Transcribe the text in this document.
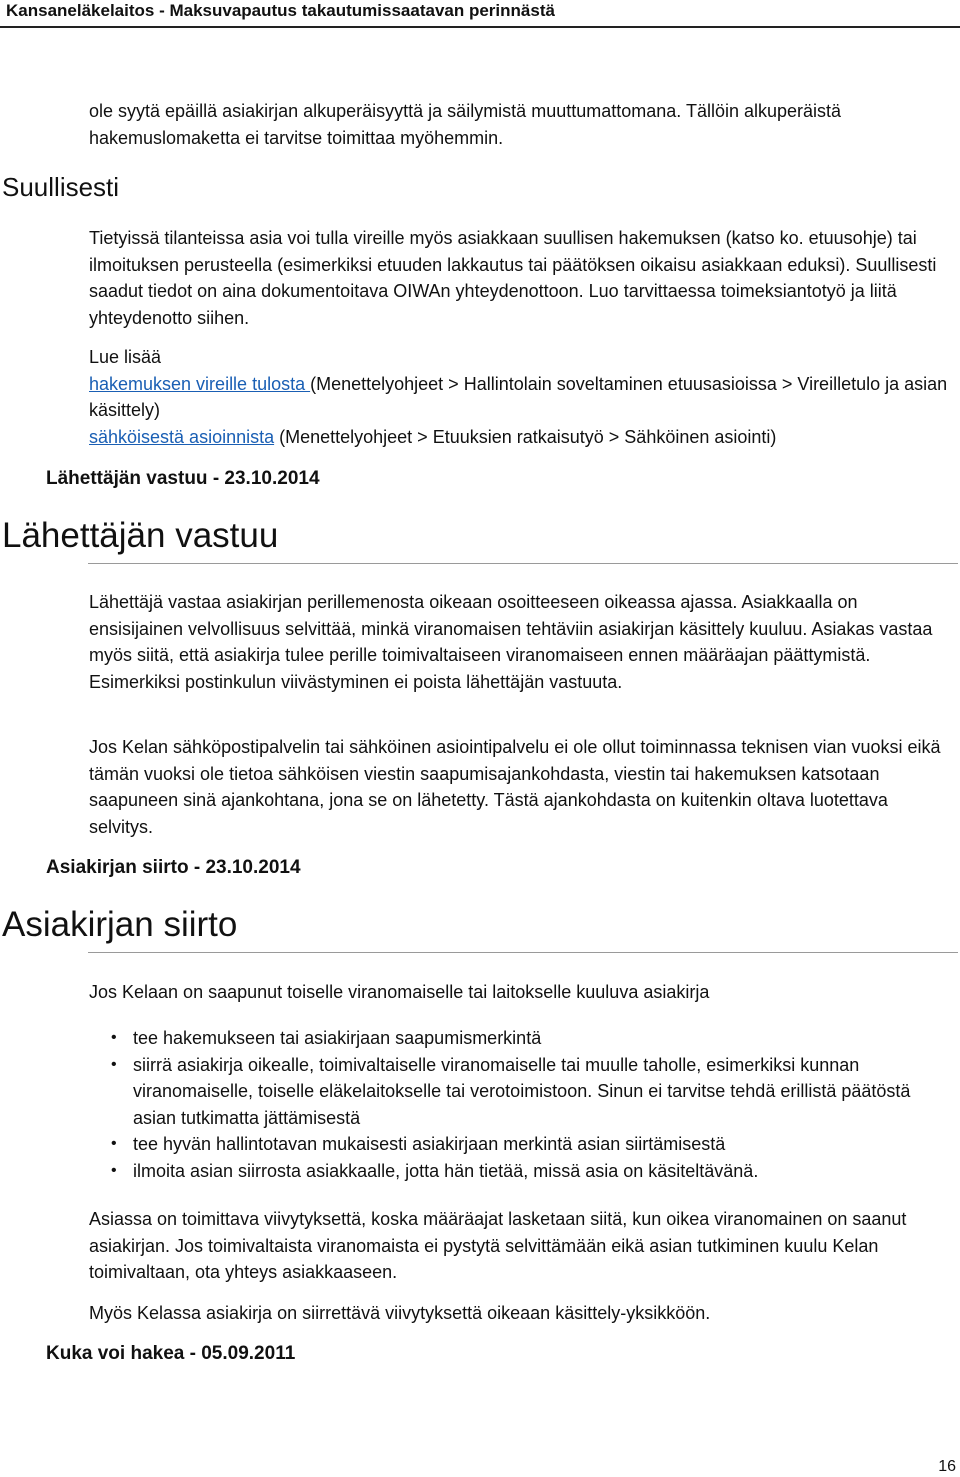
Kansaneläkelaitos - Maksuvapautus takautumissaatavan perinnästä

ole syytä epäillä asiakirjan alkuperäisyyttä ja säilymistä muuttumattomana. Tällöin alkuperäistä hakemuslomaketta ei tarvitse toimittaa myöhemmin.

Suullisesti

Tietyissä tilanteissa asia voi tulla vireille myös asiakkaan suullisen hakemuksen (katso ko. etuusohje) tai ilmoituksen perusteella (esimerkiksi etuuden lakkautus tai päätöksen oikaisu asiakkaan eduksi). Suullisesti saadut tiedot on aina dokumentoitava OIWAn yhteydenottoon. Luo tarvittaessa toimeksiantotyö ja liitä yhteydenotto siihen.

Lue lisää

hakemuksen vireille tulosta (Menettelyohjeet > Hallintolain soveltaminen etuusasioissa > Vireilletulo ja asian käsittely)

sähköisestä asioinnista (Menettelyohjeet > Etuuksien ratkaisutyö > Sähköinen asiointi)

Lähettäjän vastuu - 23.10.2014
Lähettäjän vastuu

Lähettäjä vastaa asiakirjan perillemenosta oikeaan osoitteeseen oikeassa ajassa. Asiakkaalla on ensisijainen velvollisuus selvittää, minkä viranomaisen tehtäviin asiakirjan käsittely kuuluu. Asiakas vastaa myös siitä, että asiakirja tulee perille toimivaltaiseen viranomaiseen ennen määräajan päättymistä. Esimerkiksi postinkulun viivästyminen ei poista lähettäjän vastuuta.

Jos Kelan sähköpostipalvelin tai sähköinen asiointipalvelu ei ole ollut toiminnassa teknisen vian vuoksi eikä tämän vuoksi ole tietoa sähköisen viestin saapumisajankohdasta, viestin tai hakemuksen katsotaan saapuneen sinä ajankohtana, jona se on lähetetty. Tästä ajankohdasta on kuitenkin oltava luotettava selvitys.

Asiakirjan siirto - 23.10.2014
Asiakirjan siirto

Jos Kelaan on saapunut toiselle viranomaiselle tai laitokselle kuuluva asiakirja

• tee hakemukseen tai asiakirjaan saapumismerkintä
• siirrä asiakirja oikealle, toimivaltaiselle viranomaiselle tai muulle taholle, esimerkiksi kunnan viranomaiselle, toiselle eläkelaitokselle tai verotoimistoon. Sinun ei tarvitse tehdä erillistä päätöstä asian tutkimatta jättämisestä
• tee hyvän hallintotavan mukaisesti asiakirjaan merkintä asian siirtämisestä
• ilmoita asian siirrosta asiakkaalle, jotta hän tietää, missä asia on käsiteltävänä.

Asiassa on toimittava viivytyksettä, koska määräajat lasketaan siitä, kun oikea viranomainen on saanut asiakirjan. Jos toimivaltaista viranomaista ei pystytä selvittämään eikä asian tutkiminen kuulu Kelan toimivaltaan, ota yhteys asiakkaaseen.

Myös Kelassa asiakirja on siirrettävä viivytyksettä oikeaan käsittely-yksikköön.

Kuka voi hakea - 05.09.2011
16
